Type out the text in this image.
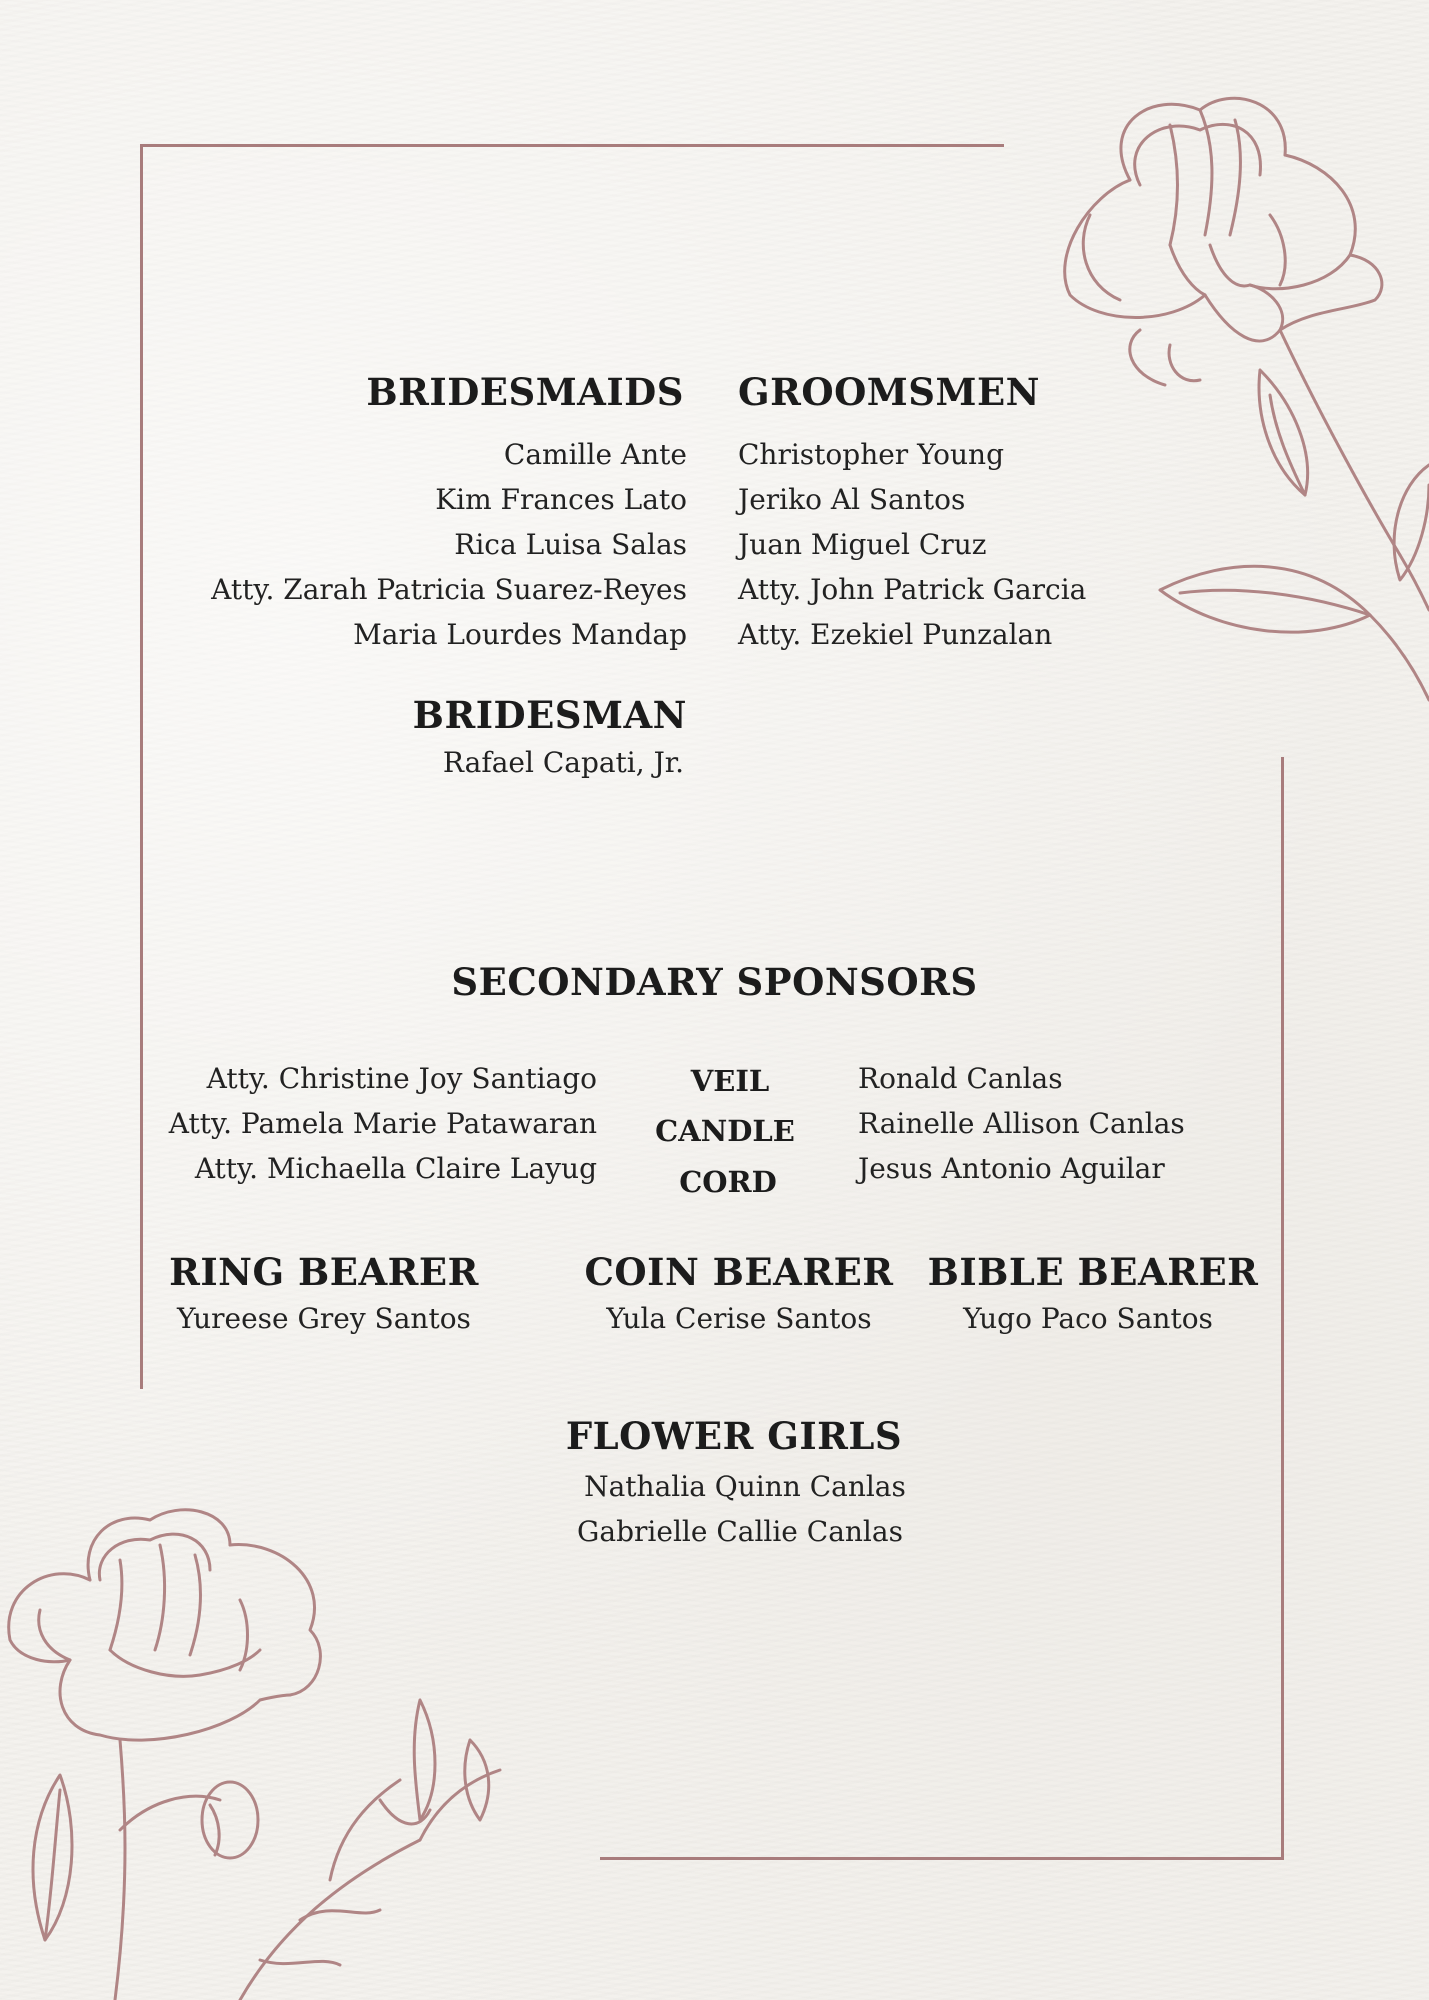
BRIDESMAIDS
Camille Ante
Kim Frances Lato
Rica Luisa Salas
Atty. Zarah Patricia Suarez-Reyes
Maria Lourdes Mandap
GROOMSMEN
Christopher Young
Jeriko Al Santos
Juan Miguel Cruz
Atty. John Patrick Garcia
Atty. Ezekiel Punzalan
BRIDESMAN
Rafael Capati, Jr.
SECONDARY SPONSORS
Atty. Christine Joy Santiago
Atty. Pamela Marie Patawaran
Atty. Michaella Claire Layug
VEIL
CANDLE
CORD
Ronald Canlas
Rainelle Allison Canlas
Jesus Antonio Aguilar
RING BEARER
Yureese Grey Santos
COIN BEARER
Yula Cerise Santos
BIBLE BEARER
Yugo Paco Santos
FLOWER GIRLS
Nathalia Quinn Canlas
Gabrielle Callie Canlas
